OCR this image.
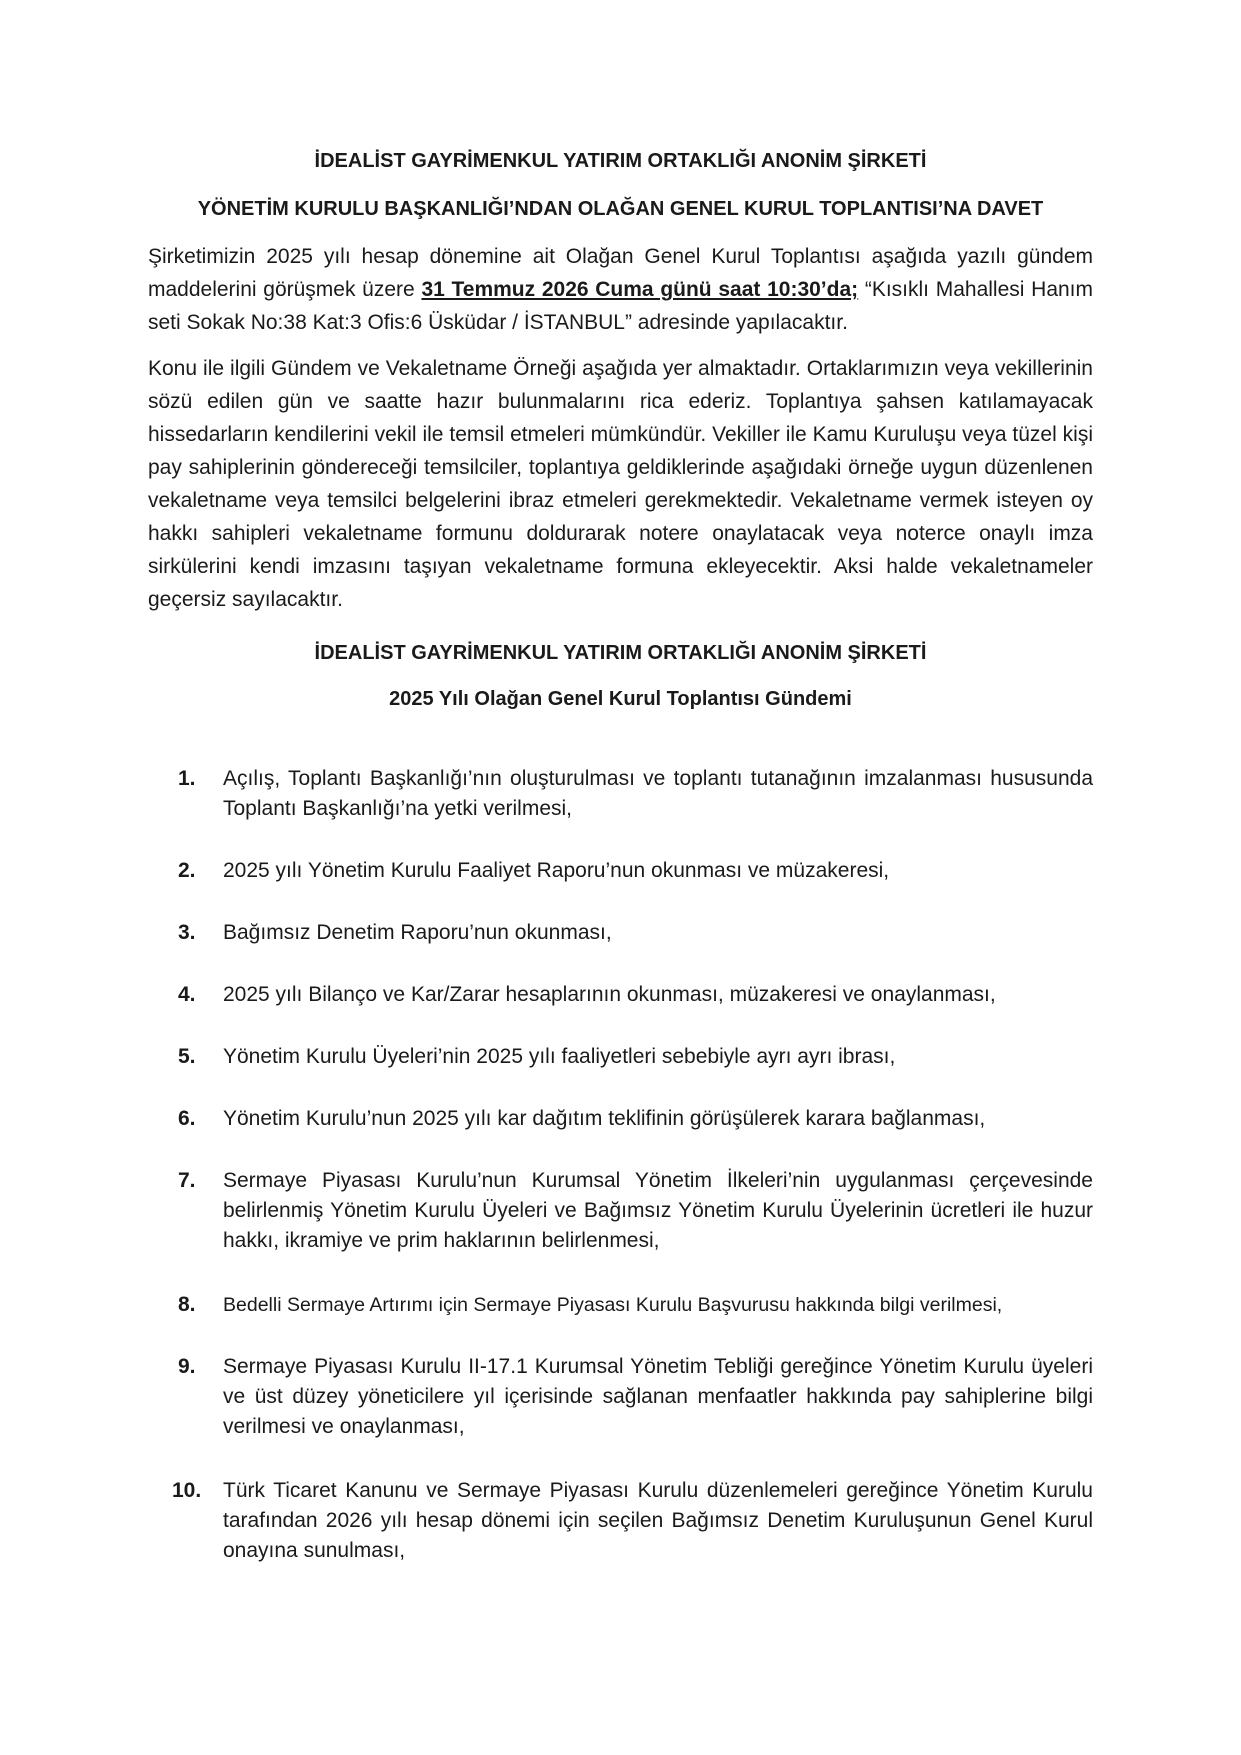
İDEALİST GAYRİMENKUL YATIRIM ORTAKLIĞI ANONİM ŞİRKETİ
YÖNETİM KURULU BAŞKANLIĞI’NDAN OLAĞAN GENEL KURUL TOPLANTISI’NA DAVET
Şirketimizin 2025 yılı hesap dönemine ait Olağan Genel Kurul Toplantısı aşağıda yazılı gündem maddelerini görüşmek üzere 31 Temmuz 2026 Cuma günü saat 10:30’da; “Kısıklı Mahallesi Hanım seti Sokak No:38 Kat:3 Ofis:6 Üsküdar / İSTANBUL” adresinde yapılacaktır.
Konu ile ilgili Gündem ve Vekaletname Örneği aşağıda yer almaktadır. Ortaklarımızın veya vekillerinin sözü edilen gün ve saatte hazır bulunmalarını rica ederiz. Toplantıya şahsen katılamayacak hissedarların kendilerini vekil ile temsil etmeleri mümkündür. Vekiller ile Kamu Kuruluşu veya tüzel kişi pay sahiplerinin göndereceği temsilciler, toplantıya geldiklerinde aşağıdaki örneğe uygun düzenlenen vekaletname veya temsilci belgelerini ibraz etmeleri gerekmektedir. Vekaletname vermek isteyen oy hakkı sahipleri vekaletname formunu doldurarak notere onaylatacak veya noterce onaylı imza sirkülerini kendi imzasını taşıyan vekaletname formuna ekleyecektir. Aksi halde vekaletnameler geçersiz sayılacaktır.
İDEALİST GAYRİMENKUL YATIRIM ORTAKLIĞI ANONİM ŞİRKETİ
2025 Yılı Olağan Genel Kurul Toplantısı Gündemi
1.	Açılış, Toplantı Başkanlığı’nın oluşturulması ve toplantı tutanağının imzalanması hususunda Toplantı Başkanlığı’na yetki verilmesi,
2.	2025 yılı Yönetim Kurulu Faaliyet Raporu’nun okunması ve müzakeresi,
3.	Bağımsız Denetim Raporu’nun okunması,
4.	2025 yılı Bilanço ve Kar/Zarar hesaplarının okunması, müzakeresi ve onaylanması,
5.	Yönetim Kurulu Üyeleri’nin 2025 yılı faaliyetleri sebebiyle ayrı ayrı ibrası,
6.	Yönetim Kurulu’nun 2025 yılı kar dağıtım teklifinin görüşülerek karara bağlanması,
7.	Sermaye Piyasası Kurulu’nun Kurumsal Yönetim İlkeleri’nin uygulanması çerçevesinde belirlenmiş Yönetim Kurulu Üyeleri ve Bağımsız Yönetim Kurulu Üyelerinin ücretleri ile huzur hakkı, ikramiye ve prim haklarının belirlenmesi,
8.	Bedelli Sermaye Artırımı için Sermaye Piyasası Kurulu Başvurusu hakkında bilgi verilmesi,
9.	Sermaye Piyasası Kurulu II-17.1 Kurumsal Yönetim Tebliği gereğince Yönetim Kurulu üyeleri ve üst düzey yöneticilere yıl içerisinde sağlanan menfaatler hakkında pay sahiplerine bilgi verilmesi ve onaylanması,
10.	Türk Ticaret Kanunu ve Sermaye Piyasası Kurulu düzenlemeleri gereğince Yönetim Kurulu tarafından 2026 yılı hesap dönemi için seçilen Bağımsız Denetim Kuruluşunun Genel Kurul onayına sunulması,
